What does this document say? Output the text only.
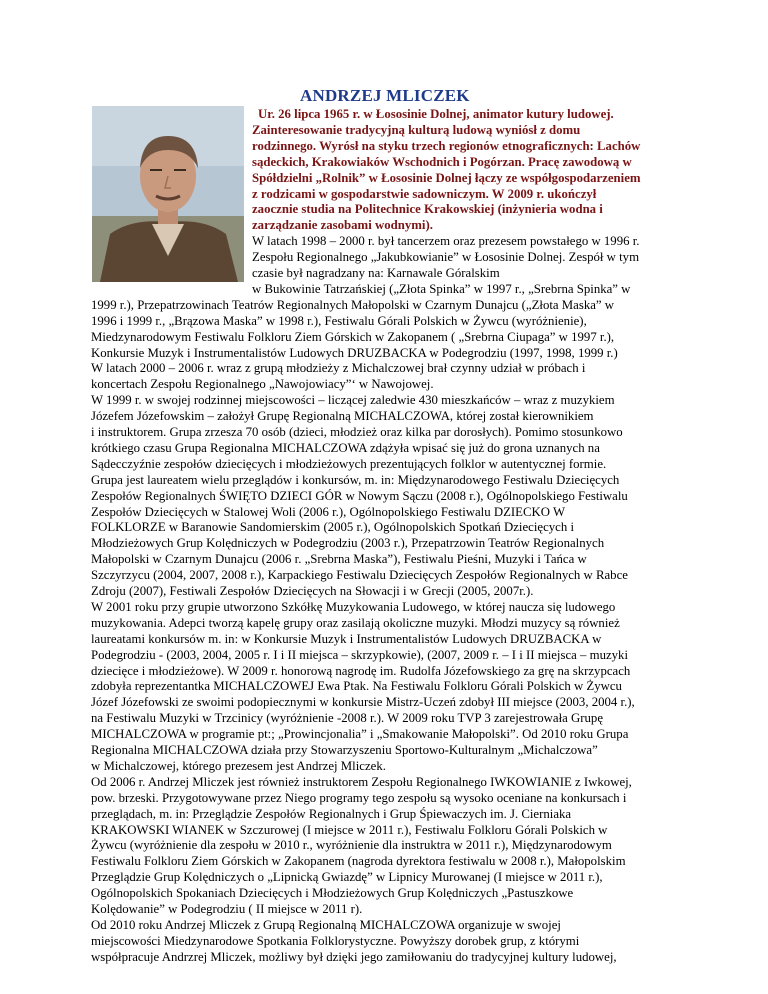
ANDRZEJ MLICZEK
Ur. 26 lipca 1965 r. w Łososinie Dolnej, animator kutury ludowej.
Zainteresowanie tradycyjną kulturą ludową wyniósł z domu
rodzinnego. Wyrósł na styku trzech regionów etnograficznych: Lachów
sądeckich, Krakowiaków Wschodnich i Pogórzan. Pracę zawodową w
Spółdzielni „Rolnik” w Łososinie Dolnej łączy ze współgospodarzeniem
z rodzicami w gospodarstwie sadowniczym. W 2009 r. ukończył
zaocznie studia na Politechnice Krakowskiej (inżynieria wodna i
zarządzanie zasobami wodnymi).
W latach 1998 – 2000 r. był tancerzem oraz prezesem powstałego w 1996 r.
Zespołu Regionalnego „Jakubkowianie” w Łososinie Dolnej. Zespół w tym
czasie był nagradzany na: Karnawale Góralskim
w Bukowinie Tatrzańskiej („Złota Spinka” w 1997 r., „Srebrna Spinka” w
1999 r.), Przepatrzowinach Teatrów Regionalnych Małopolski w Czarnym Dunajcu („Złota Maska” w
1996 i 1999 r., „Brązowa Maska” w 1998 r.), Festiwalu Górali Polskich w Żywcu (wyróżnienie),
Miedzynarodowym Festiwalu Folkloru Ziem Górskich w Zakopanem ( „Srebrna Ciupaga” w 1997 r.),
Konkursie Muzyk i Instrumentalistów Ludowych DRUZBACKA w Podegrodziu (1997, 1998, 1999 r.)
W latach 2000 – 2006 r. wraz z grupą młodzieży z Michalczowej brał czynny udział w próbach i
koncertach Zespołu Regionalnego „Nawojowiacy”‘ w Nawojowej.
W 1999 r. w swojej rodzinnej miejscowości – liczącej zaledwie 430 mieszkańców – wraz z muzykiem
Józefem Józefowskim – założył Grupę Regionalną MICHALCZOWA, której został kierownikiem
i instruktorem. Grupa zrzesza 70 osób (dzieci, młodzież oraz kilka par dorosłych). Pomimo stosunkowo
krótkiego czasu Grupa Regionalna MICHALCZOWA zdążyła wpisać się już do grona uznanych na
Sądecczyźnie zespołów dziecięcych i młodzieżowych prezentujących folklor w autentycznej formie.
Grupa jest laureatem wielu przeglądów i konkursów, m. in: Międzynarodowego Festiwalu Dziecięcych
Zespołów Regionalnych ŚWIĘTO DZIECI GÓR w Nowym Sączu (2008 r.), Ogólnopolskiego Festiwalu
Zespołów Dziecięcych w Stalowej Woli (2006 r.), Ogólnopolskiego Festiwalu DZIECKO W
FOLKLORZE w Baranowie Sandomierskim (2005 r.), Ogólnopolskich Spotkań Dziecięcych i
Młodzieżowych Grup Kolędniczych w Podegrodziu (2003 r.), Przepatrzowin Teatrów Regionalnych
Małopolski w Czarnym Dunajcu (2006 r. „Srebrna Maska”), Festiwalu Pieśni, Muzyki i Tańca w
Szczyrzycu (2004, 2007, 2008 r.), Karpackiego Festiwalu Dziecięcych Zespołów Regionalnych w Rabce
Zdroju (2007), Festiwali Zespołów Dziecięcych na Słowacji i w Grecji (2005, 2007r.).
W 2001 roku przy grupie utworzono Szkółkę Muzykowania Ludowego, w której naucza się ludowego
muzykowania. Adepci tworzą kapelę grupy oraz zasilają okoliczne muzyki. Młodzi muzycy są również
laureatami konkursów m. in: w Konkursie Muzyk i Instrumentalistów Ludowych DRUZBACKA w
Podegrodziu - (2003, 2004, 2005 r. I i II miejsca – skrzypkowie), (2007, 2009 r. – I i II miejsca – muzyki
dziecięce i młodzieżowe). W 2009 r. honorową nagrodę im. Rudolfa Józefowskiego za grę na skrzypcach
zdobyła reprezentantka MICHALCZOWEJ Ewa Ptak. Na Festiwalu Folkloru Górali Polskich w Żywcu
Józef Józefowski ze swoimi podopiecznymi w konkursie Mistrz-Uczeń zdobył III miejsce (2003, 2004 r.),
na Festiwalu Muzyki w Trzcinicy (wyróżnienie -2008 r.). W 2009 roku TVP 3 zarejestrowała Grupę
MICHALCZOWA w programie pt:; „Prowincjonalia” i „Smakowanie Małopolski”. Od 2010 roku Grupa
Regionalna MICHALCZOWA działa przy Stowarzyszeniu Sportowo-Kulturalnym „Michalczowa”
w Michalczowej, którego prezesem jest Andrzej Mliczek.
Od 2006 r. Andrzej Mliczek jest również instruktorem Zespołu Regionalnego IWKOWIANIE z Iwkowej,
pow. brzeski. Przygotowywane przez Niego programy tego zespołu są wysoko oceniane na konkursach i
przeglądach, m. in: Przeglądzie Zespołów Regionalnych i Grup Śpiewaczych im. J. Cierniaka
KRAKOWSKI WIANEK w Szczurowej (I miejsce w 2011 r.), Festiwalu Folkloru Górali Polskich w
Żywcu (wyróżnienie dla zespołu w 2010 r., wyróżnienie dla instruktra w 2011 r.), Międzynarodowym
Festiwalu Folkloru Ziem Górskich w Zakopanem (nagroda dyrektora festiwalu w 2008 r.), Małopolskim
Przeglądzie Grup Kolędniczych o „Lipnicką Gwiazdę” w Lipnicy Murowanej (I miejsce w 2011 r.),
Ogólnopolskich Spokaniach Dziecięcych i Młodzieżowych Grup Kolędniczych „Pastuszkowe
Kolędowanie” w Podegrodziu ( II miejsce w 2011 r).
Od 2010 roku Andrzej Mliczek z Grupą Regionalną MICHALCZOWA organizuje w swojej
miejscowości Miedzynarodowe Spotkania Folklorystyczne. Powyższy dorobek grup, z którymi
współpracuje Andrzrej Mliczek, możliwy był dzięki jego zamiłowaniu do tradycyjnej kultury ludowej,
